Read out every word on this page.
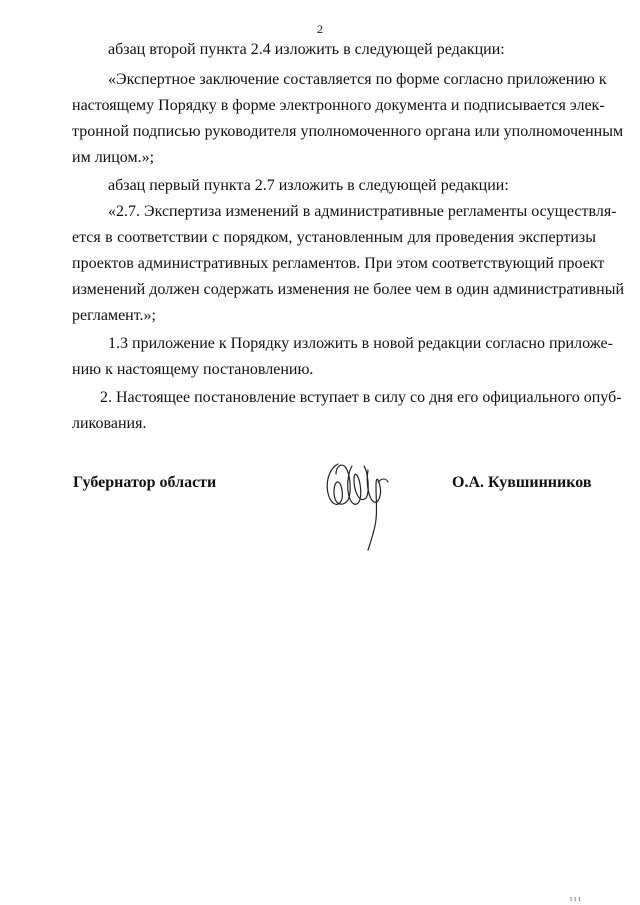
2
абзац второй пункта 2.4 изложить в следующей редакции:
«Экспертное заключение составляется по форме согласно приложению к
настоящему Порядку в форме электронного документа и подписывается элек-
тронной подписью руководителя уполномоченного органа или уполномоченным
им лицом.»;
абзац первый пункта 2.7 изложить в следующей редакции:
«2.7. Экспертиза изменений в административные регламенты осуществля-
ется в соответствии с порядком, установленным для проведения экспертизы
проектов административных регламентов. При этом соответствующий проект
изменений должен содержать изменения не более чем в один административный
регламент.»;
1.3 приложение к Порядку изложить в новой редакции согласно приложе-
нию к настоящему постановлению.
2. Настоящее постановление вступает в силу со дня его официального опуб-
ликования.
Губернатор области	О.А. Кувшинников
ι ι ι
